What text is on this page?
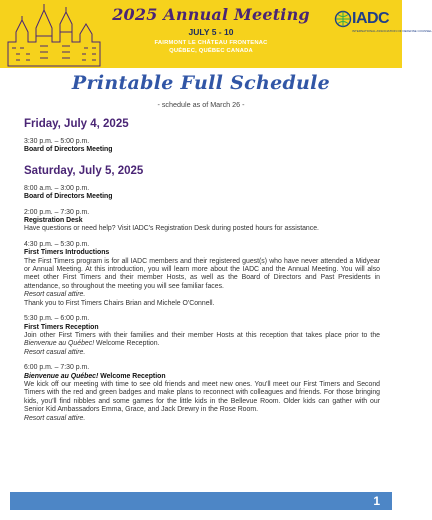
2025 Annual Meeting
JULY 5 - 10
FAIRMONT LE CHÂTEAU FRONTENAC
QUÉBEC, QUÉBEC CANADA
IADC
INTERNATIONAL ASSOCIATION OF DEFENSE COUNSEL
Printable Full Schedule
- schedule as of March 26 -
Friday, July 4, 2025
3:30 p.m. – 5:00 p.m.
Board of Directors Meeting
Saturday, July 5, 2025
8:00 a.m. – 3:00 p.m.
Board of Directors Meeting
2:00 p.m. – 7:30 p.m.
Registration Desk
Have questions or need help? Visit IADC's Registration Desk during posted hours for assistance.
4:30 p.m. – 5:30 p.m.
First Timers Introductions
The First Timers program is for all IADC members and their registered guest(s) who have never attended a Midyear or Annual Meeting. At this introduction, you will learn more about the IADC and the Annual Meeting. You will also meet other First Timers and their member Hosts, as well as the Board of Directors and Past Presidents in attendance, so throughout the meeting you will see familiar faces.
Resort casual attire.
Thank you to First Timers Chairs Brian and Michele O'Connell.
5:30 p.m. – 6:00 p.m.
First Timers Reception
Join other First Timers with their families and their member Hosts at this reception that takes place prior to the Bienvenue au Québec! Welcome Reception.
Resort casual attire.
6:00 p.m. – 7:30 p.m.
Bienvenue au Québec! Welcome Reception
We kick off our meeting with time to see old friends and meet new ones. You'll meet our First Timers and Second Timers with the red and green badges and make plans to reconnect with colleagues and friends. For those bringing kids, you'll find nibbles and some games for the little kids in the Bellevue Room. Older kids can gather with our Senior Kid Ambassadors Emma, Grace, and Jack Drewry in the Rose Room.
Resort casual attire.
1
